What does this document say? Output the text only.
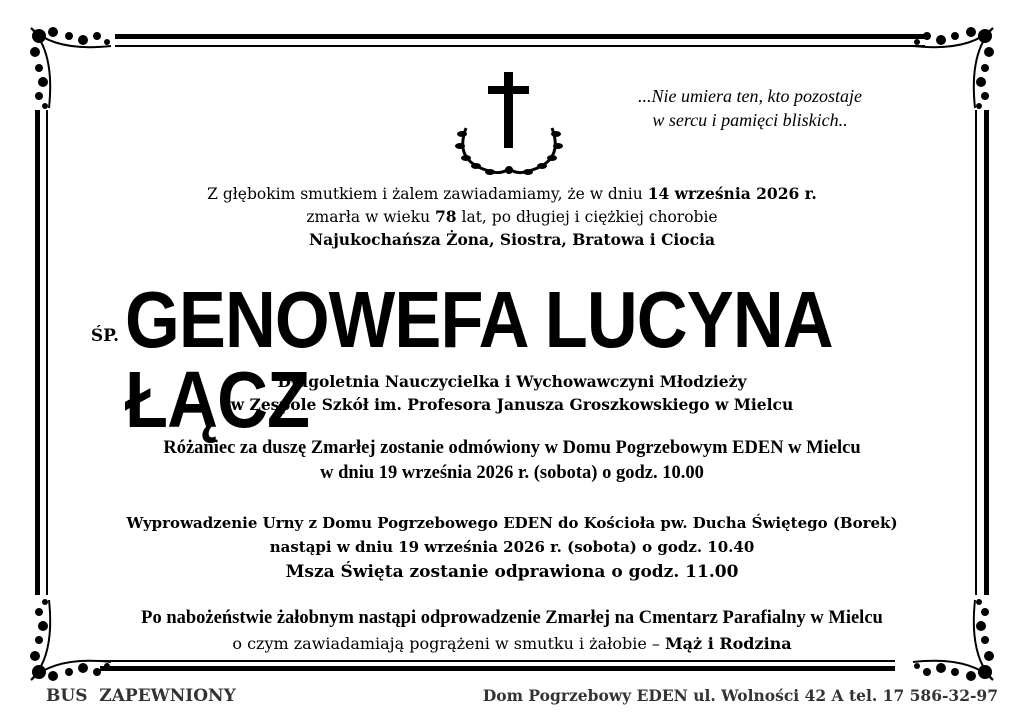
...Nie umiera ten, kto pozostaje
w sercu i pamięci bliskich..
Z głębokim smutkiem i żalem zawiadamiamy, że w dniu 14 września 2026 r.
zmarła w wieku 78 lat, po długiej i ciężkiej chorobie
Najukochańsza Żona, Siostra, Bratowa i Ciocia
ŚP. GENOWEFA LUCYNA ŁĄCZ
Długoletnia Nauczycielka i Wychowawczyni Młodzieży
w Zespole Szkół im. Profesora Janusza Groszkowskiego w Mielcu
Różaniec za duszę Zmarłej zostanie odmówiony w Domu Pogrzebowym EDEN w Mielcu
w dniu 19 września 2026 r. (sobota) o godz. 10.00
Wyprowadzenie Urny z Domu Pogrzebowego EDEN do Kościoła pw. Ducha Świętego (Borek)
nastąpi w dniu 19 września 2026 r. (sobota) o godz. 10.40
Msza Święta zostanie odprawiona o godz. 11.00
Po nabożeństwie żałobnym nastąpi odprowadzenie Zmarłej na Cmentarz Parafialny w Mielcu
o czym zawiadamiają pogrążeni w smutku i żałobie – Mąż i Rodzina
BUS  ZAPEWNIONY	Dom Pogrzebowy EDEN ul. Wolności 42 A tel. 17 586-32-97
